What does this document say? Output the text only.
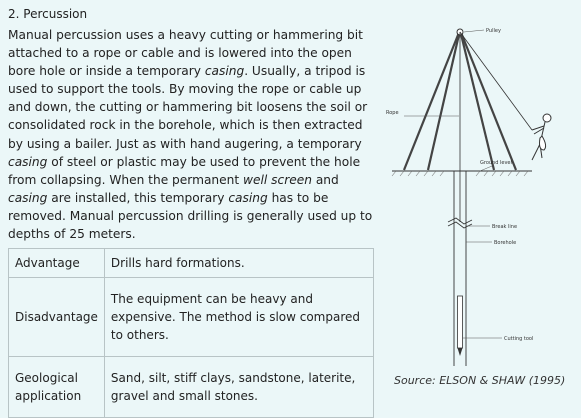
2. Percussion
Manual percussion uses a heavy cutting or hammering bit attached to a rope or cable and is lowered into the open bore hole or inside a temporary casing. Usually, a tripod is used to support the tools. By moving the rope or cable up and down, the cutting or hammering bit loosens the soil or consolidated rock in the borehole, which is then extracted by using a bailer. Just as with hand augering, a temporary casing of steel or plastic may be used to prevent the hole from collapsing. When the permanent well screen and casing are installed, this temporary casing has to be removed. Manual percussion drilling is generally used up to depths of 25 meters.
Advantage	Drills hard formations.
Disadvantage	The equipment can be heavy and expensive. The method is slow compared to others.
Geological application	Sand, silt, stiff clays, sandstone, laterite, gravel and small stones.
Pulley
Rope
Ground level
Break line
Borehole
Cutting tool
Source: ELSON & SHAW (1995)
